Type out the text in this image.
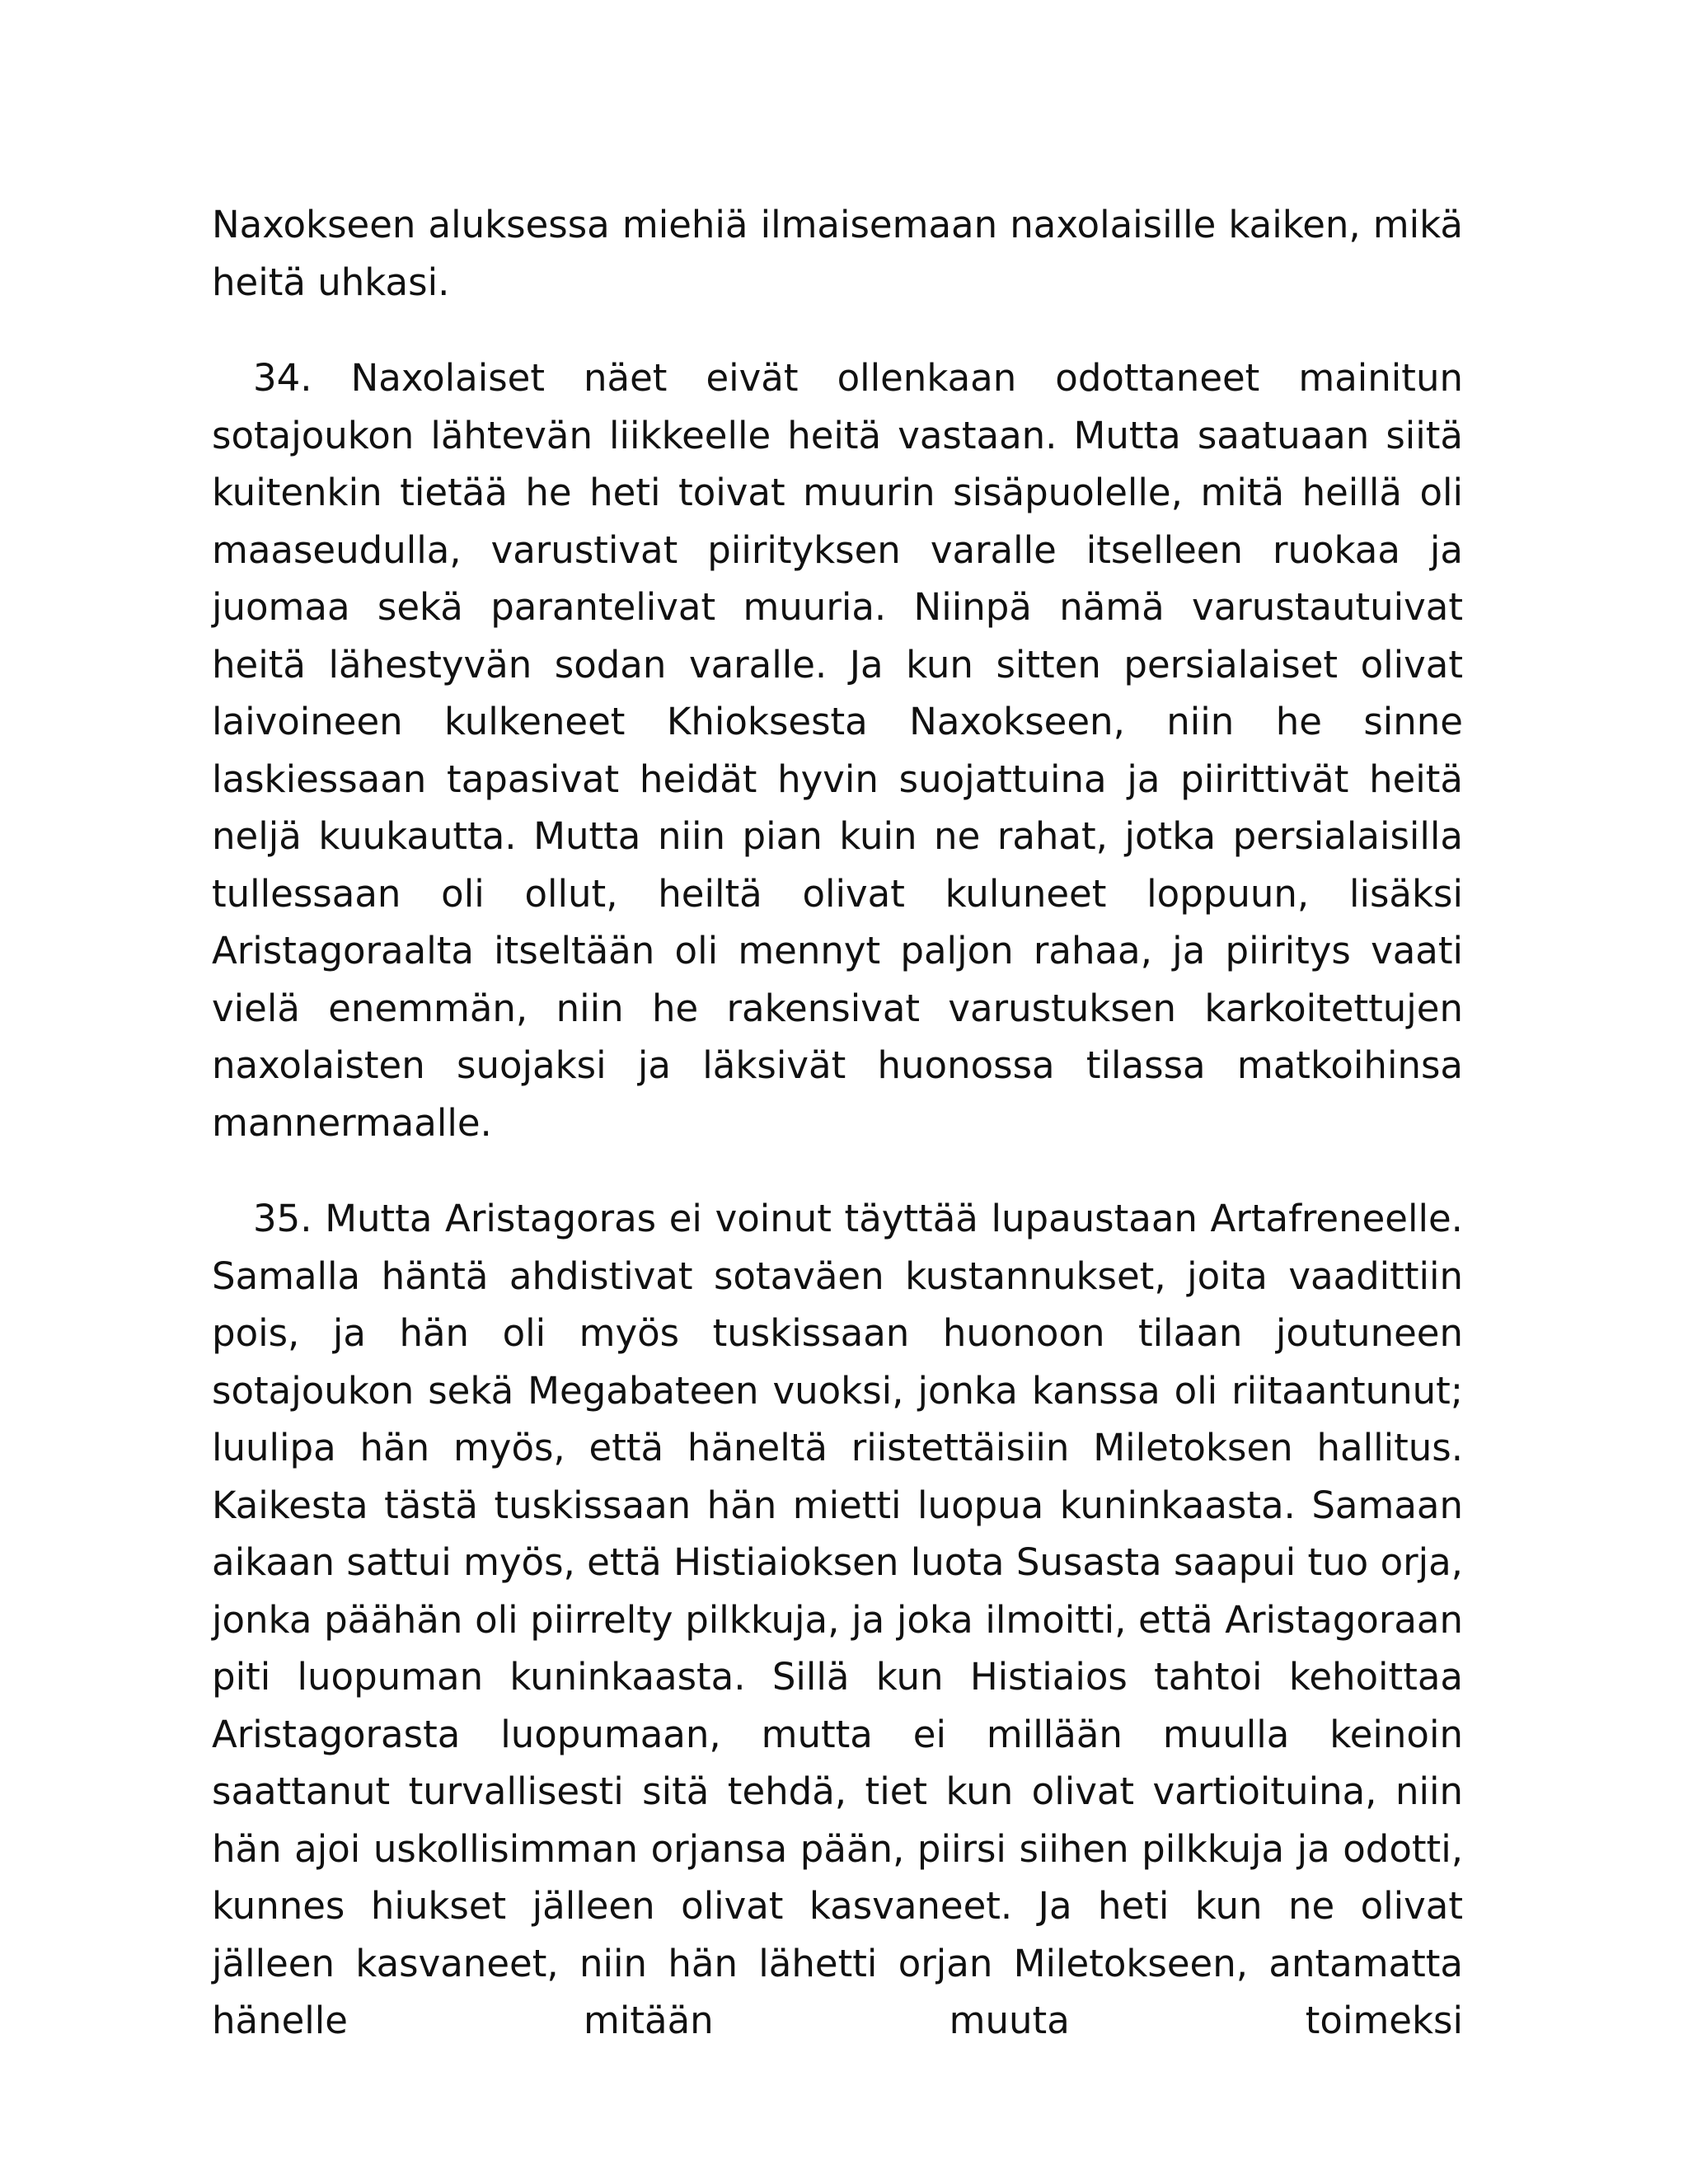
Naxokseen aluksessa miehiä ilmaisemaan naxolaisille kaiken, mikä heitä uhkasi.

34. Naxolaiset näet eivät ollenkaan odottaneet mainitun sotajoukon lähtevän liikkeelle heitä vastaan. Mutta saatuaan siitä kuitenkin tietää he heti toivat muurin sisäpuolelle, mitä heillä oli maaseudulla, varustivat piirityksen varalle itselleen ruokaa ja juomaa sekä parantelivat muuria. Niinpä nämä varustautuivat heitä lähestyvän sodan varalle. Ja kun sitten persialaiset olivat laivoineen kulkeneet Khioksesta Naxokseen, niin he sinne laskiessaan tapasivat heidät hyvin suojattuina ja piirittivät heitä neljä kuukautta. Mutta niin pian kuin ne rahat, jotka persialaisilla tullessaan oli ollut, heiltä olivat kuluneet loppuun, lisäksi Aristagoraalta itseltään oli mennyt paljon rahaa, ja piiritys vaati vielä enemmän, niin he rakensivat varustuksen karkoitettujen naxolaisten suojaksi ja läksivät huonossa tilassa matkoihinsa mannermaalle.

35. Mutta Aristagoras ei voinut täyttää lupaustaan Artafreneelle. Samalla häntä ahdistivat sotaväen kustannukset, joita vaadittiin pois, ja hän oli myös tuskissaan huonoon tilaan joutuneen sotajoukon sekä Megabateen vuoksi, jonka kanssa oli riitaantunut; luulipa hän myös, että häneltä riistettäisiin Miletoksen hallitus. Kaikesta tästä tuskissaan hän mietti luopua kuninkaasta. Samaan aikaan sattui myös, että Histiaioksen luota Susasta saapui tuo orja, jonka päähän oli piirrelty pilkkuja, ja joka ilmoitti, että Aristagoraan piti luopuman kuninkaasta. Sillä kun Histiaios tahtoi kehoittaa Aristagorasta luopumaan, mutta ei millään muulla keinoin saattanut turvallisesti sitä tehdä, tiet kun olivat vartioituina, niin hän ajoi uskollisimman orjansa pään, piirsi siihen pilkkuja ja odotti, kunnes hiukset jälleen olivat kasvaneet. Ja heti kun ne olivat jälleen kasvaneet, niin hän lähetti orjan Miletokseen, antamatta hänelle mitään muuta toimeksi
